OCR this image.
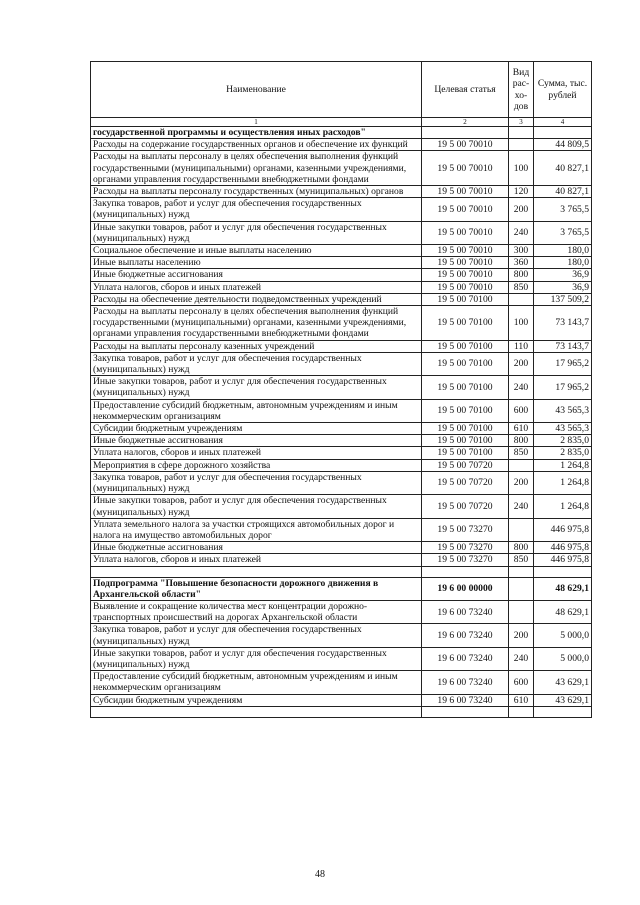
Наименование	Целевая статья	Вид рас-хо-дов	Сумма, тыс. рублей
1	2	3	4
государственной программы и осуществления иных расходов"			
Расходы на содержание государственных органов и обеспечение их функций	19 5 00 70010		44 809,5
Расходы на выплаты персоналу в целях обеспечения выполнения функций государственными (муниципальными) органами, казенными учреждениями, органами управления государственными внебюджетными фондами	19 5 00 70010	100	40 827,1
Расходы на выплаты персоналу государственных (муниципальных) органов	19 5 00 70010	120	40 827,1
Закупка товаров, работ и услуг для обеспечения государственных (муниципальных) нужд	19 5 00 70010	200	3 765,5
Иные закупки товаров, работ и услуг для обеспечения государственных (муниципальных) нужд	19 5 00 70010	240	3 765,5
Социальное обеспечение и иные выплаты населению	19 5 00 70010	300	180,0
Иные выплаты населению	19 5 00 70010	360	180,0
Иные бюджетные ассигнования	19 5 00 70010	800	36,9
Уплата налогов, сборов и иных платежей	19 5 00 70010	850	36,9
Расходы на обеспечение деятельности подведомственных учреждений	19 5 00 70100		137 509,2
Расходы на выплаты персоналу в целях обеспечения выполнения функций государственными (муниципальными) органами, казенными учреждениями, органами управления государственными внебюджетными фондами	19 5 00 70100	100	73 143,7
Расходы на выплаты персоналу казенных учреждений	19 5 00 70100	110	73 143,7
Закупка товаров, работ и услуг для обеспечения государственных (муниципальных) нужд	19 5 00 70100	200	17 965,2
Иные закупки товаров, работ и услуг для обеспечения государственных (муниципальных) нужд	19 5 00 70100	240	17 965,2
Предоставление субсидий бюджетным, автономным учреждениям и иным некоммерческим организациям	19 5 00 70100	600	43 565,3
Субсидии бюджетным учреждениям	19 5 00 70100	610	43 565,3
Иные бюджетные ассигнования	19 5 00 70100	800	2 835,0
Уплата налогов, сборов и иных платежей	19 5 00 70100	850	2 835,0
Мероприятия в сфере дорожного хозяйства	19 5 00 70720		1 264,8
Закупка товаров, работ и услуг для обеспечения государственных (муниципальных) нужд	19 5 00 70720	200	1 264,8
Иные закупки товаров, работ и услуг для обеспечения государственных (муниципальных) нужд	19 5 00 70720	240	1 264,8
Уплата земельного налога за участки строящихся автомобильных дорог и налога на имущество автомобильных дорог	19 5 00 73270		446 975,8
Иные бюджетные ассигнования	19 5 00 73270	800	446 975,8
Уплата налогов, сборов и иных платежей	19 5 00 73270	850	446 975,8

Подпрограмма "Повышение безопасности дорожного движения в Архангельской области"	19 6 00 00000		48 629,1
Выявление и сокращение количества мест концентрации дорожно-транспортных происшествий на дорогах Архангельской области	19 6 00 73240		48 629,1
Закупка товаров, работ и услуг для обеспечения государственных (муниципальных) нужд	19 6 00 73240	200	5 000,0
Иные закупки товаров, работ и услуг для обеспечения государственных (муниципальных) нужд	19 6 00 73240	240	5 000,0
Предоставление субсидий бюджетным, автономным учреждениям и иным некоммерческим организациям	19 6 00 73240	600	43 629,1
Субсидии бюджетным учреждениям	19 6 00 73240	610	43 629,1

48
